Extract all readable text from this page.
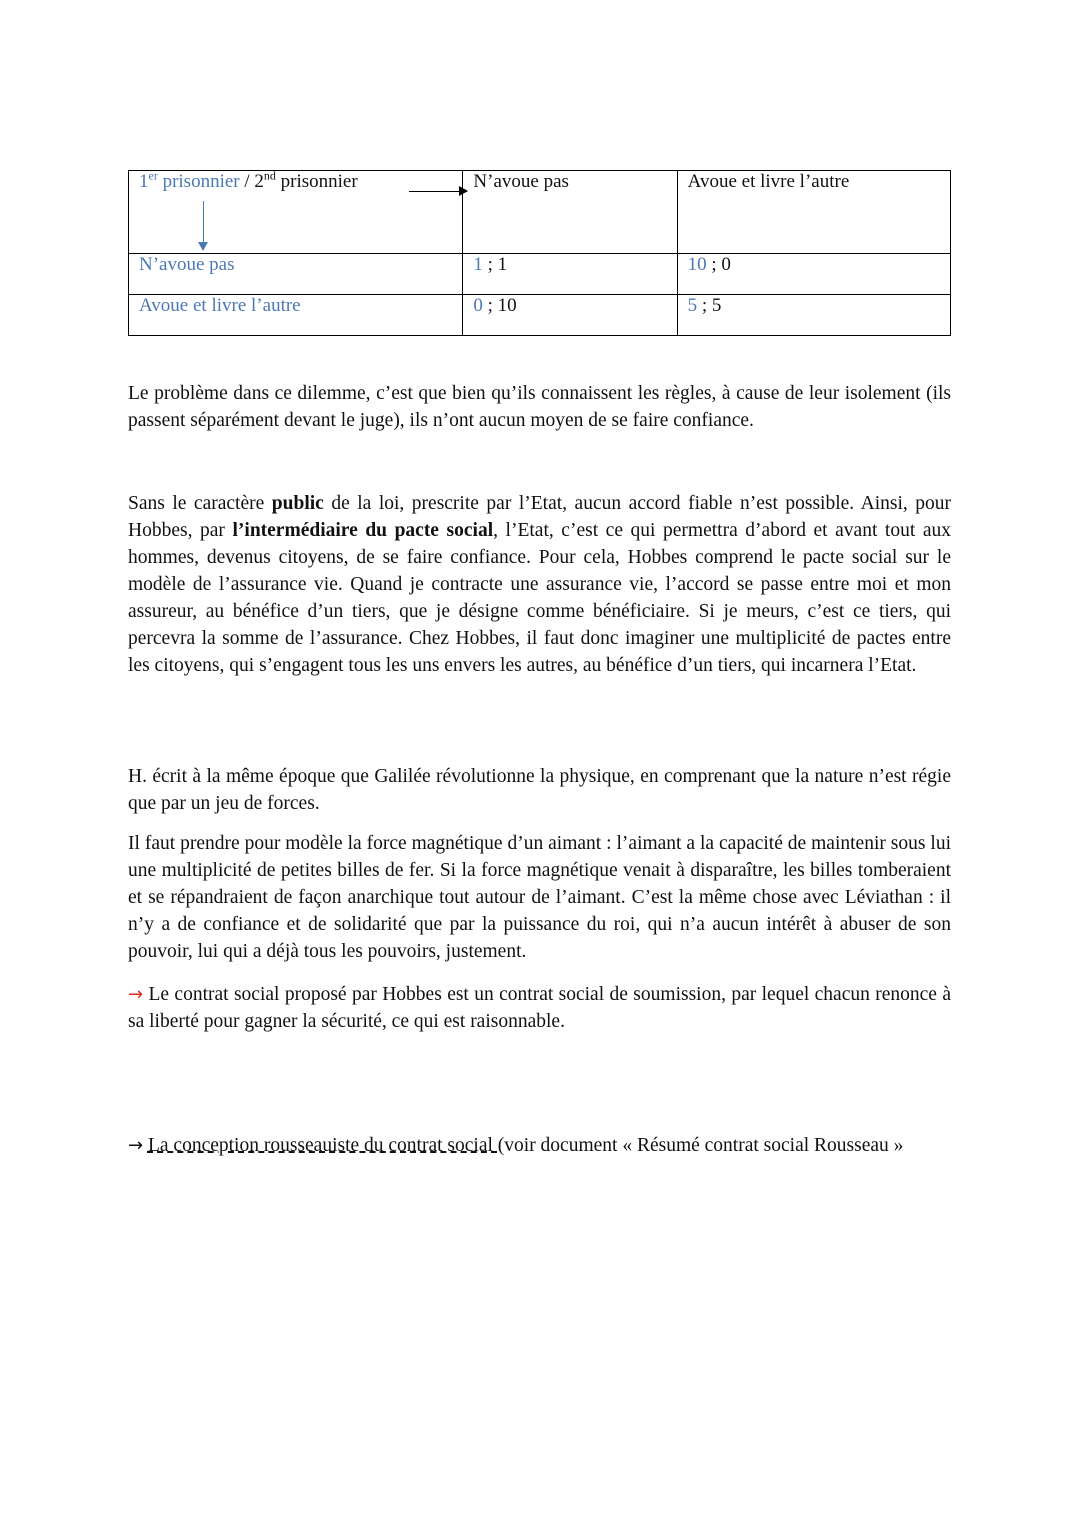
1er prisonnier / 2nd prisonnier	N’avoue pas	Avoue et livre l’autre
N’avoue pas	1 ; 1	10 ; 0
Avoue et livre l’autre	0 ; 10	5 ; 5

Le problème dans ce dilemme, c’est que bien qu’ils connaissent les règles, à cause de leur isolement (ils passent séparément devant le juge), ils n’ont aucun moyen de se faire confiance.

Sans le caractère public de la loi, prescrite par l’Etat, aucun accord fiable n’est possible. Ainsi, pour Hobbes, par l’intermédiaire du pacte social, l’Etat, c’est ce qui permettra d’abord et avant tout aux hommes, devenus citoyens, de se faire confiance. Pour cela, Hobbes comprend le pacte social sur le modèle de l’assurance vie. Quand je contracte une assurance vie, l’accord se passe entre moi et mon assureur, au bénéfice d’un tiers, que je désigne comme bénéficiaire. Si je meurs, c’est ce tiers, qui percevra la somme de l’assurance. Chez Hobbes, il faut donc imaginer une multiplicité de pactes entre les citoyens, qui s’engagent tous les uns envers les autres, au bénéfice d’un tiers, qui incarnera l’Etat.

H. écrit à la même époque que Galilée révolutionne la physique, en comprenant que la nature n’est régie que par un jeu de forces.

Il faut prendre pour modèle la force magnétique d’un aimant : l’aimant a la capacité de maintenir sous lui une multiplicité de petites billes de fer. Si la force magnétique venait à disparaître, les billes tomberaient et se répandraient de façon anarchique tout autour de l’aimant. C’est la même chose avec Léviathan : il n’y a de confiance et de solidarité que par la puissance du roi, qui n’a aucun intérêt à abuser de son pouvoir, lui qui a déjà tous les pouvoirs, justement.

→ Le contrat social proposé par Hobbes est un contrat social de soumission, par lequel chacun renonce à sa liberté pour gagner la sécurité, ce qui est raisonnable.

→ La conception rousseauiste du contrat social (voir document « Résumé contrat social Rousseau »
